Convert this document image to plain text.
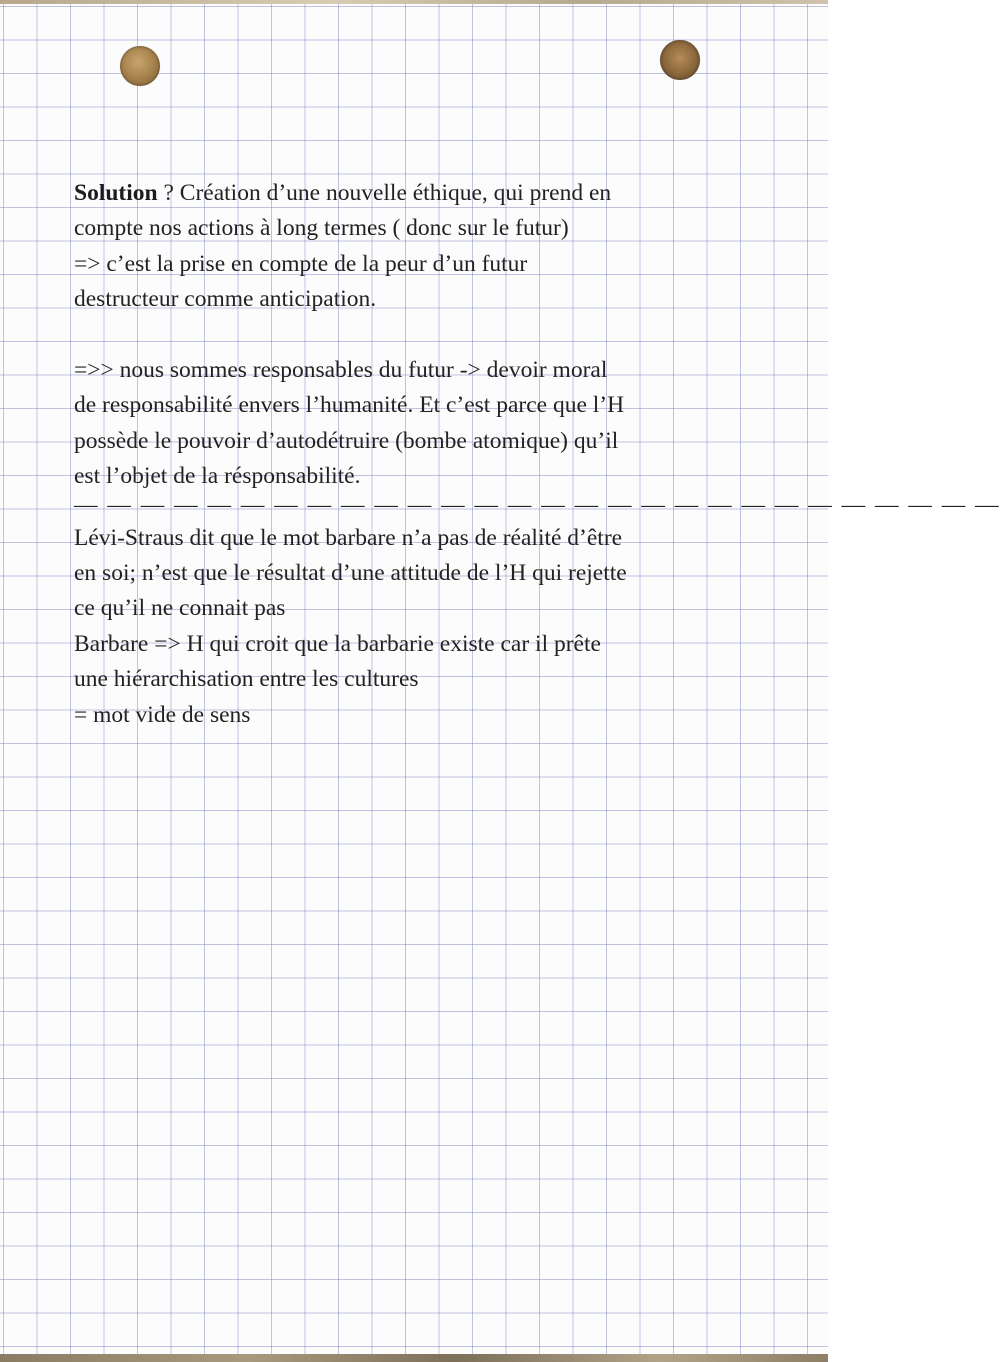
Solution ? Création d’une nouvelle éthique, qui prend en
compte nos actions à long termes ( donc sur le futur)
=> c’est la prise en compte de la peur d’un futur
destructeur comme anticipation.
=>> nous sommes responsables du futur -> devoir moral
de responsabilité envers l’humanité. Et c’est parce que l’H
possède le pouvoir d’autodétruire (bombe atomique) qu’il
est l’objet de la résponsabilité.
— — — — — — — — — — — — — — — — — — — — — — — — — — — —
Lévi-Straus dit que le mot barbare n’a pas de réalité d’être
en soi; n’est que le résultat d’une attitude de l’H qui rejette
ce qu’il ne connait pas
Barbare => H qui croit que la barbarie existe car il prête
une hiérarchisation entre les cultures
= mot vide de sens
